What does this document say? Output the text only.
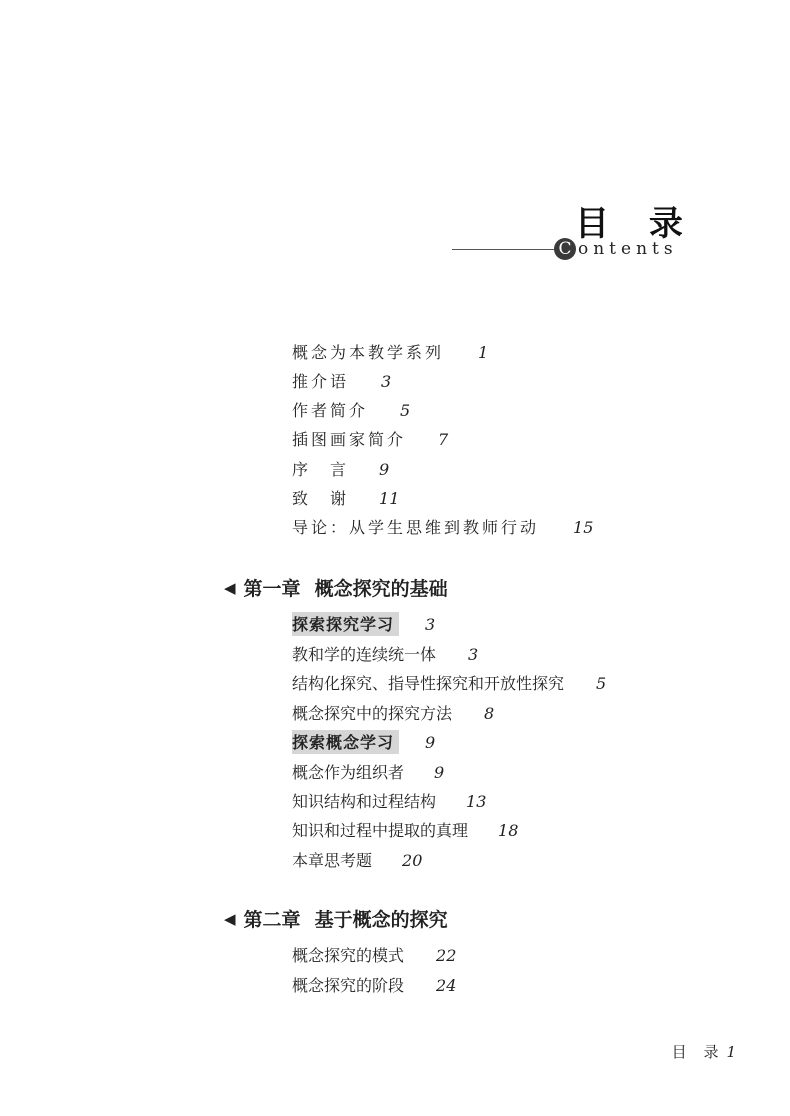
目 录
C ontents
概念为本教学系列 1
推介语 3
作者简介 5
插图画家简介 7
序　言 9
致　谢 11
导论：从学生思维到教师行动 15
◀ 第一章 概念探究的基础
探索探究学习	3
教和学的连续统一体 3
结构化探究、指导性探究和开放性探究 5
概念探究中的探究方法 8
探索概念学习	9
概念作为组织者 9
知识结构和过程结构 13
知识和过程中提取的真理 18
本章思考题 20
◀ 第二章 基于概念的探究
概念探究的模式 22
概念探究的阶段 24
目 录 1
